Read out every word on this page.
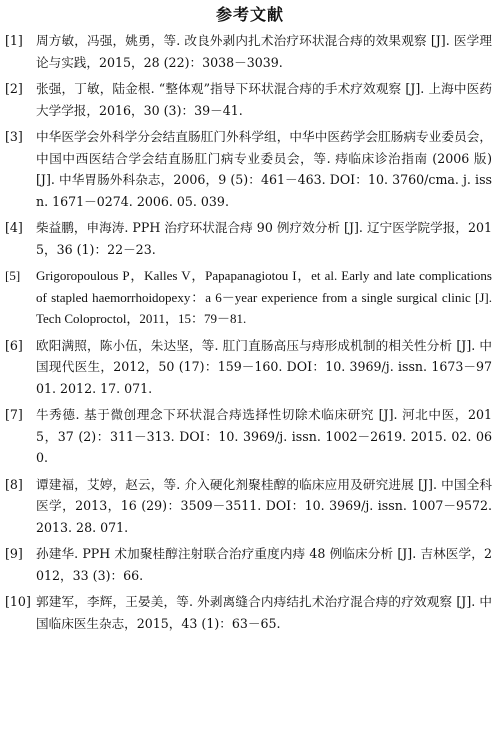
参考文献
[1]	周方敏，冯强，姚勇，等. 改良外剥内扎术治疗环状混合痔的效果观察 [J]. 医学理论与实践，2015，28 (22)：3038－3039.
[2]	张强，丁敏，陆金根. “整体观”指导下环状混合痔的手术疗效观察 [J]. 上海中医药大学学报，2016，30 (3)：39－41.
[3]	中华医学会外科学分会结直肠肛门外科学组，中华中医药学会肛肠病专业委员会，中国中西医结合学会结直肠肛门病专业委员会，等. 痔临床诊治指南 (2006 版) [J]. 中华胃肠外科杂志，2006，9 (5)：461－463. DOI：10. 3760/cma. j. issn. 1671－0274. 2006. 05. 039.
[4]	柴益鹏，申海涛. PPH 治疗环状混合痔 90 例疗效分析 [J]. 辽宁医学院学报，2015，36 (1)：22－23.
[5]	Grigoropoulous P，Kalles V，Papapanagiotou I，et al. Early and late complications of stapled haemorrhoidopexy：a 6－year experience from a single surgical clinic [J]. Tech Coloproctol，2011，15：79－81.
[6]	欧阳满照，陈小伍，朱达坚，等. 肛门直肠高压与痔形成机制的相关性分析 [J]. 中国现代医生，2012，50 (17)：159－160. DOI：10. 3969/j. issn. 1673－9701. 2012. 17. 071.
[7]	牛秀德. 基于微创理念下环状混合痔选择性切除术临床研究 [J]. 河北中医，2015，37 (2)：311－313. DOI：10. 3969/j. issn. 1002－2619. 2015. 02. 060.
[8]	谭建福，艾婷，赵云，等. 介入硬化剂聚桂醇的临床应用及研究进展 [J]. 中国全科医学，2013，16 (29)：3509－3511. DOI：10. 3969/j. issn. 1007－9572. 2013. 28. 071.
[9]	孙建华. PPH 术加聚桂醇注射联合治疗重度内痔 48 例临床分析 [J]. 吉林医学，2012，33 (3)：66.
[10] 郭建军，李辉，王晏美，等. 外剥离缝合内痔结扎术治疗混合痔的疗效观察 [J]. 中国临床医生杂志，2015，43 (1)：63－65.
